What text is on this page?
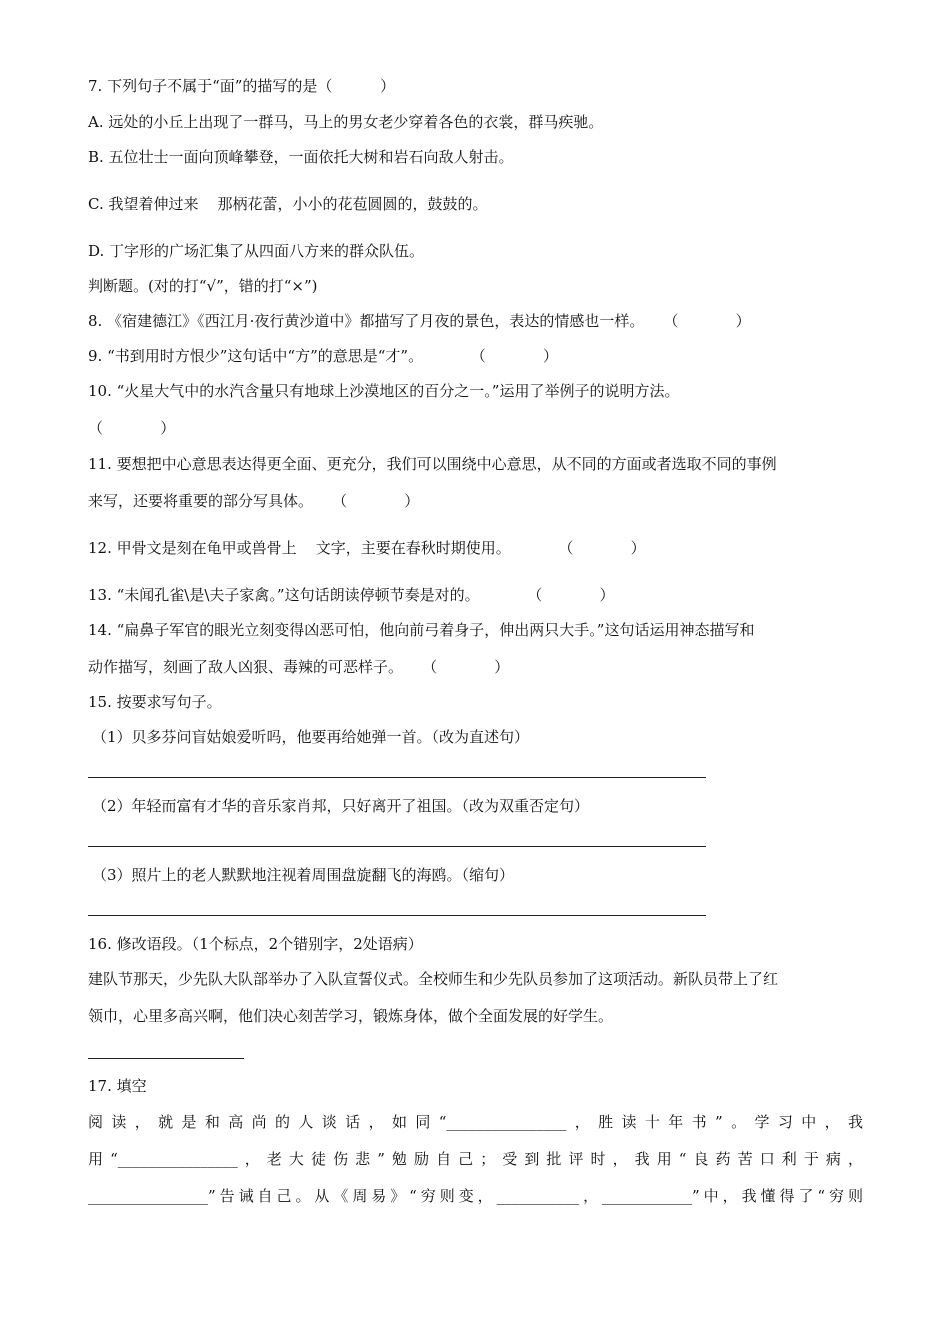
7. 下列句子不属于“面”的描写的是（          ）
A. 远处的小丘上出现了一群马，马上的男女老少穿着各色的衣裳，群马疾驰。
B. 五位壮士一面向顶峰攀登，一面依托大树和岩石向敌人射击。
C. 我望着伸过来    那柄花蕾，小小的花苞圆圆的，鼓鼓的。
D. 丁字形的广场汇集了从四面八方来的群众队伍。
判断题。(对的打“√”，错的打“×”)
8. 《宿建德江》《西江月·夜行黄沙道中》都描写了月夜的景色，表达的情感也一样。    （            ）
9. “书到用时方恨少”这句话中“方”的意思是“才”。          （            ）
10. “火星大气中的水汽含量只有地球上沙漠地区的百分之一。”运用了举例子的说明方法。
（            ）
11. 要想把中心意思表达得更全面、更充分，我们可以围绕中心意思，从不同的方面或者选取不同的事例
来写，还要将重要的部分写具体。    （            ）
12. 甲骨文是刻在龟甲或兽骨上    文字，主要在春秋时期使用。          （            ）
13. “未闻孔雀\是\夫子家禽。”这句话朗读停顿节奏是对的。          （            ）
14. “扁鼻子军官的眼光立刻变得凶恶可怕，他向前弓着身子，伸出两只大手。”这句话运用神态描写和
动作描写，刻画了敌人凶狠、毒辣的可恶样子。    （            ）
15. 按要求写句子。
（1）贝多芬问盲姑娘爱听吗，他要再给她弹一首。（改为直述句）
（2）年轻而富有才华的音乐家肖邦，只好离开了祖国。（改为双重否定句）
（3）照片上的老人默默地注视着周围盘旋翻飞的海鸥。（缩句）
16. 修改语段。（1个标点，2个错别字，2处语病）
建队节那天，少先队大队部举办了入队宣誓仪式。全校师生和少先队员参加了这项活动。新队员带上了红
领巾，心里多高兴啊，他们决心刻苦学习，锻炼身体，做个全面发展的好学生。
17. 填空
阅读，就是和高尚的人谈话，如同“________________，胜读十年书”。学习中，我
用“________________，老大徒伤悲”勉励自己；受到批评时，我用“良药苦口利于病，
________________”告诫自己。从《周易》“穷则变，___________，____________”中，我懂得了“穷则
